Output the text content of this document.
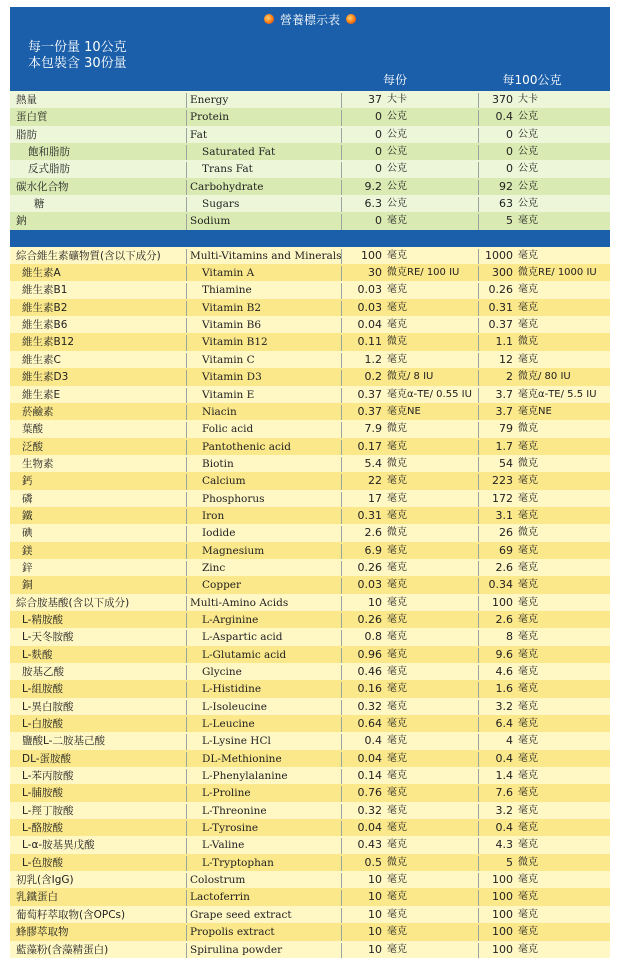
營養標示表
每一份量 10公克
本包裝含 30份量
每份	每100公克
熱量	Energy	37 大卡	370 大卡
蛋白質	Protein	0 公克	0.4 公克
脂肪	Fat	0 公克	0 公克
飽和脂肪	Saturated Fat	0 公克	0 公克
反式脂肪	Trans Fat	0 公克	0 公克
碳水化合物	Carbohydrate	9.2 公克	92 公克
糖	Sugars	6.3 公克	63 公克
鈉	Sodium	0 毫克	5 毫克
綜合維生素礦物質(含以下成分)	Multi-Vitamins and Minerals	100 毫克	1000 毫克
維生素A	Vitamin A	30 微克RE/ 100 IU	300 微克RE/ 1000 IU
維生素B1	Thiamine	0.03 毫克	0.26 毫克
維生素B2	Vitamin B2	0.03 毫克	0.31 毫克
維生素B6	Vitamin B6	0.04 毫克	0.37 毫克
維生素B12	Vitamin B12	0.11 微克	1.1 微克
維生素C	Vitamin C	1.2 毫克	12 毫克
維生素D3	Vitamin D3	0.2 微克/ 8 IU	2 微克/ 80 IU
維生素E	Vitamin E	0.37 毫克α-TE/ 0.55 IU	3.7 毫克α-TE/ 5.5 IU
菸鹼素	Niacin	0.37 毫克NE	3.7 毫克NE
葉酸	Folic acid	7.9 微克	79 微克
泛酸	Pantothenic acid	0.17 毫克	1.7 毫克
生物素	Biotin	5.4 微克	54 微克
鈣	Calcium	22 毫克	223 毫克
磷	Phosphorus	17 毫克	172 毫克
鐵	Iron	0.31 毫克	3.1 毫克
碘	Iodide	2.6 微克	26 微克
鎂	Magnesium	6.9 毫克	69 毫克
鋅	Zinc	0.26 毫克	2.6 毫克
銅	Copper	0.03 毫克	0.34 毫克
綜合胺基酸(含以下成分)	Multi-Amino Acids	10 毫克	100 毫克
L-精胺酸	L-Arginine	0.26 毫克	2.6 毫克
L-天冬胺酸	L-Aspartic acid	0.8 毫克	8 毫克
L-麩酸	L-Glutamic acid	0.96 毫克	9.6 毫克
胺基乙酸	Glycine	0.46 毫克	4.6 毫克
L-組胺酸	L-Histidine	0.16 毫克	1.6 毫克
L-異白胺酸	L-Isoleucine	0.32 毫克	3.2 毫克
L-白胺酸	L-Leucine	0.64 毫克	6.4 毫克
鹽酸L-二胺基己酸	L-Lysine HCl	0.4 毫克	4 毫克
DL-蛋胺酸	DL-Methionine	0.04 毫克	0.4 毫克
L-苯丙胺酸	L-Phenylalanine	0.14 毫克	1.4 毫克
L-脯胺酸	L-Proline	0.76 毫克	7.6 毫克
L-羥丁胺酸	L-Threonine	0.32 毫克	3.2 毫克
L-酪胺酸	L-Tyrosine	0.04 毫克	0.4 毫克
L-α-胺基異戊酸	L-Valine	0.43 毫克	4.3 毫克
L-色胺酸	L-Tryptophan	0.5 微克	5 微克
初乳(含IgG)	Colostrum	10 毫克	100 毫克
乳鐵蛋白	Lactoferrin	10 毫克	100 毫克
葡萄籽萃取物(含OPCs)	Grape seed extract	10 毫克	100 毫克
蜂膠萃取物	Propolis extract	10 毫克	100 毫克
藍藻粉(含藻精蛋白)	Spirulina powder	10 毫克	100 毫克
